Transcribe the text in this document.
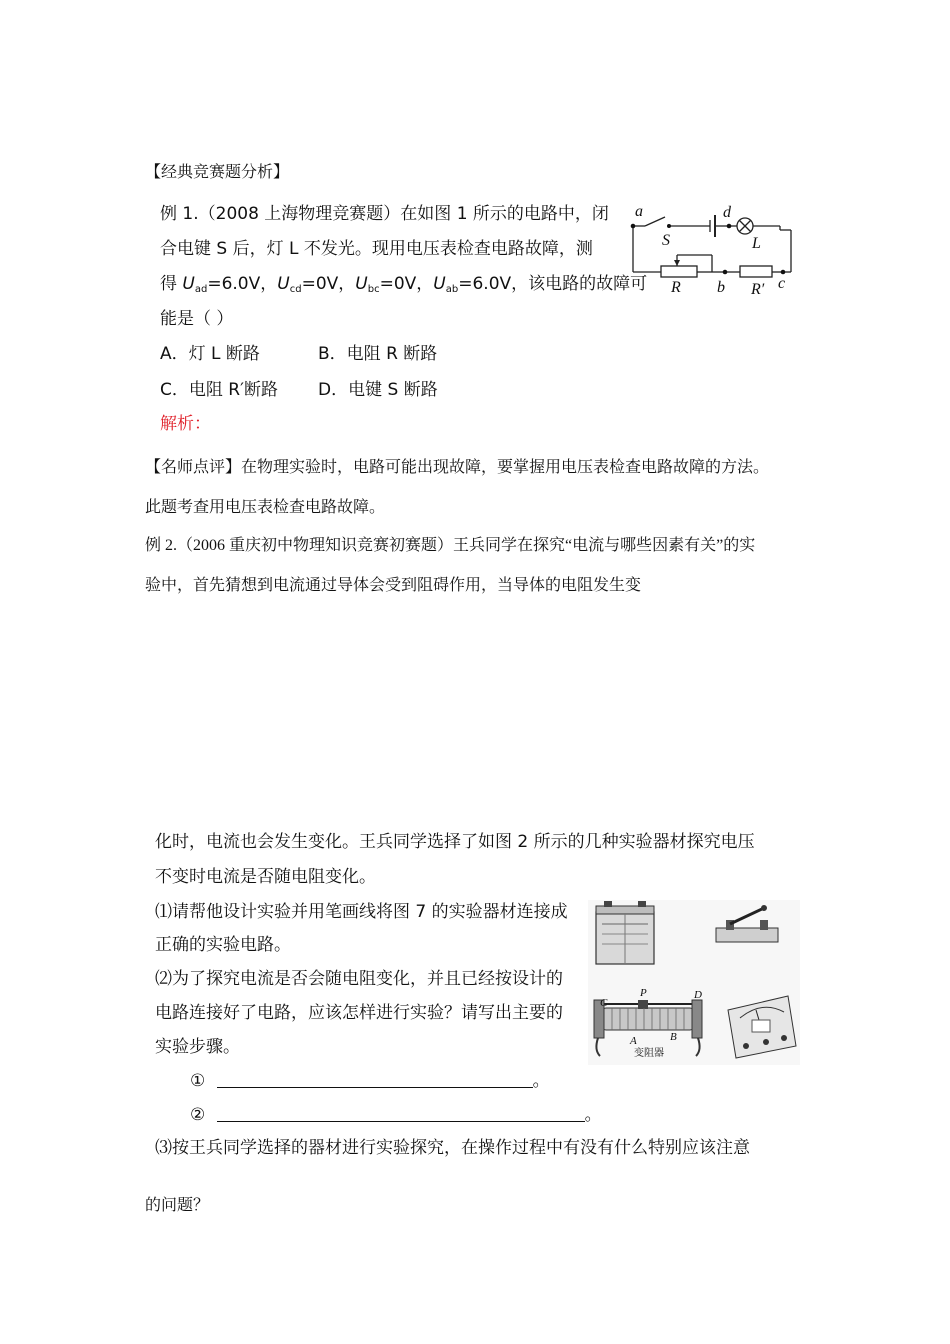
【经典竞赛题分析】
例 1.（2008 上海物理竞赛题）在如图 1 所示的电路中，闭
合电键 S 后，灯 L 不发光。现用电压表检查电路故障，测
得 $U_{ad}=6.0V$，$U_{cd}=0V$，$U_{bc}=0V$，$U_{ab}=6.0V$，该电路的故障可
能是（ ）
A．灯 L 断路	B．电阻 R 断路
C．电阻 R′断路 D．电键 S 断路
解析：
a	d
S	L
R b R′ c
【名师点评】在物理实验时，电路可能出现故障，要掌握用电压表检查电路故障的方法。
此题考查用电压表检查电路故障。
例 2.（2006 重庆初中物理知识竞赛初赛题）王兵同学在探究“电流与哪些因素有关”的实
验中，首先猜想到电流通过导体会受到阻碍作用，当导体的电阻发生变
化时，电流也会发生变化。王兵同学选择了如图 2 所示的几种实验器材探究电压
不变时电流是否随电阻变化。
⑴请帮他设计实验并用笔画线将图 7 的实验器材连接成
正确的实验电路。
⑵为了探究电流是否会随电阻变化，并且已经按设计的
电路连接好了电路，应该怎样进行实验？请写出主要的
实验步骤。
①	。
②	。
⑶按王兵同学选择的器材进行实验探究，在操作过程中有没有什么特别应该注意
的问题？
C
P	D
A	B
变阻器
